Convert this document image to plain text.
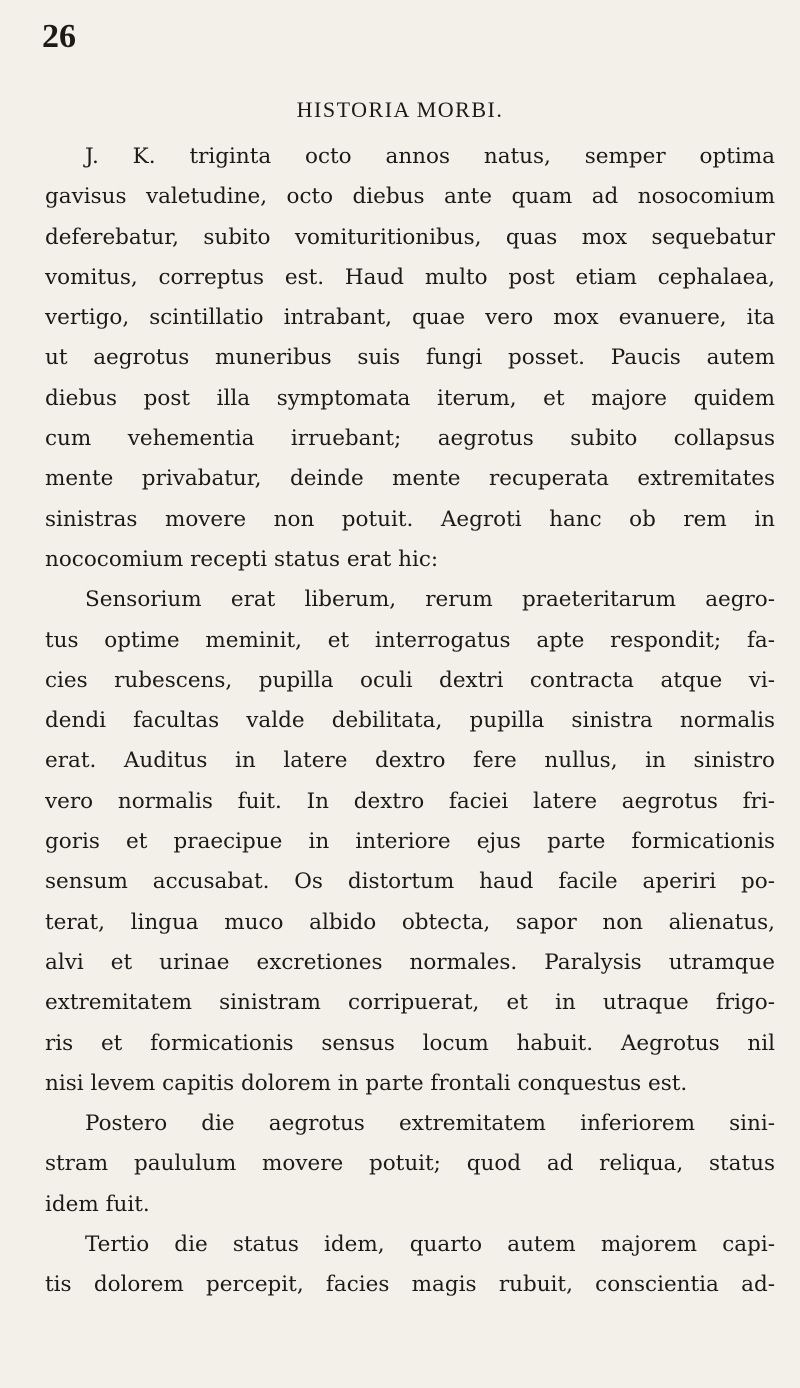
26
HISTORIA MORBI.
J. K. triginta octo annos natus, semper optima
gavisus valetudine, octo diebus ante quam ad nosocomium
deferebatur, subito vomituritionibus, quas mox sequebatur
vomitus, correptus est. Haud multo post etiam cephalaea,
vertigo, scintillatio intrabant, quae vero mox evanuere, ita
ut aegrotus muneribus suis fungi posset. Paucis autem
diebus post illa symptomata iterum, et majore quidem
cum vehementia irruebant; aegrotus subito collapsus
mente privabatur, deinde mente recuperata extremitates
sinistras movere non potuit. Aegroti hanc ob rem in
nococomium recepti status erat hic:
Sensorium erat liberum, rerum praeteritarum aegro-
tus optime meminit, et interrogatus apte respondit; fa-
cies rubescens, pupilla oculi dextri contracta atque vi-
dendi facultas valde debilitata, pupilla sinistra normalis
erat. Auditus in latere dextro fere nullus, in sinistro
vero normalis fuit. In dextro faciei latere aegrotus fri-
goris et praecipue in interiore ejus parte formicationis
sensum accusabat. Os distortum haud facile aperiri po-
terat, lingua muco albido obtecta, sapor non alienatus,
alvi et urinae excretiones normales. Paralysis utramque
extremitatem sinistram corripuerat, et in utraque frigo-
ris et formicationis sensus locum habuit. Aegrotus nil
nisi levem capitis dolorem in parte frontali conquestus est.
Postero die aegrotus extremitatem inferiorem sini-
stram paululum movere potuit; quod ad reliqua, status
idem fuit.
Tertio die status idem, quarto autem majorem capi-
tis dolorem percepit, facies magis rubuit, conscientia ad-
